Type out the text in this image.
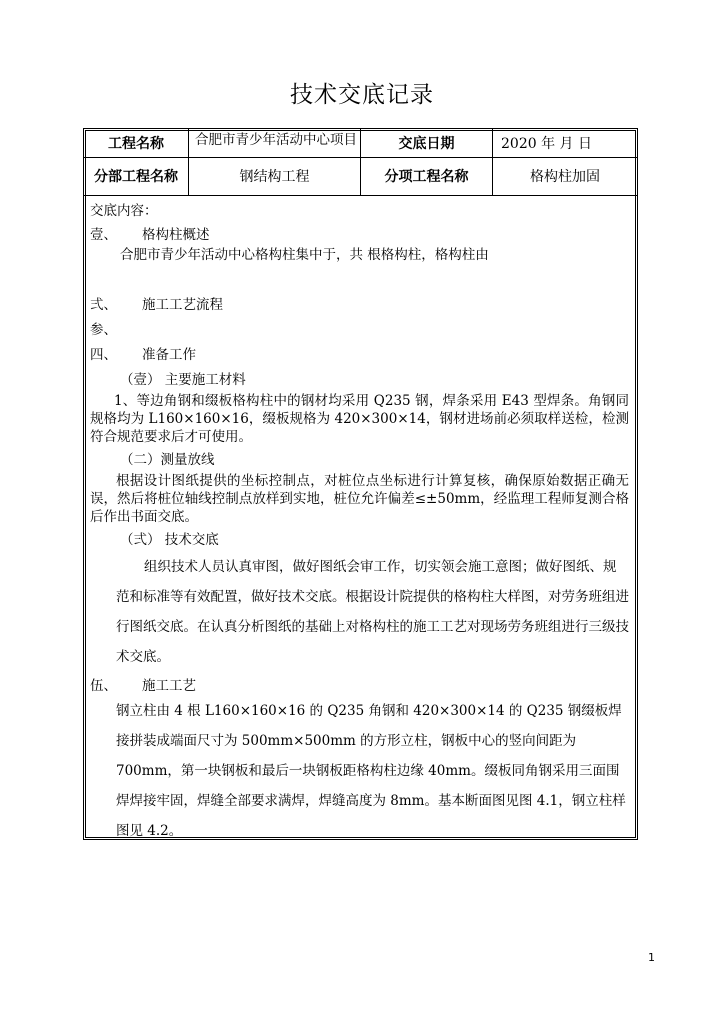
技术交底记录
工程名称	合肥市青少年活动中心项目	交底日期	2020 年 月 日
分部工程名称	钢结构工程	分项工程名称	格构柱加固
交底内容：
壹、 格构柱概述
合肥市青少年活动中心格构柱集中于，共 根格构柱，格构柱由
弍、 施工工艺流程
参、
四、 准备工作
（壹） 主要施工材料
1、等边角钢和缀板格构柱中的钢材均采用 Q235 钢，焊条采用 E43 型焊条。角钢同规格均为 L160×160×16，缀板规格为 420×300×14，钢材进场前必须取样送检，检测符合规范要求后才可使用。
（二）测量放线
根据设计图纸提供的坐标控制点，对桩位点坐标进行计算复核，确保原始数据正确无误，然后将桩位轴线控制点放样到实地，桩位允许偏差≤±50mm，经监理工程师复测合格后作出书面交底。
（弍） 技术交底
组织技术人员认真审图，做好图纸会审工作，切实领会施工意图；做好图纸、规范和标准等有效配置，做好技术交底。根据设计院提供的格构柱大样图，对劳务班组进行图纸交底。在认真分析图纸的基础上对格构柱的施工工艺对现场劳务班组进行三级技术交底。
伍、 施工工艺
钢立柱由 4 根 L160×160×16 的 Q235 角钢和 420×300×14 的 Q235 钢缀板焊接拼装成端面尺寸为 500mm×500mm 的方形立柱，钢板中心的竖向间距为 700mm，第一块钢板和最后一块钢板距格构柱边缘 40mm。缀板同角钢采用三面围焊焊接牢固，焊缝全部要求满焊，焊缝高度为 8mm。基本断面图见图 4.1，钢立柱样图见 4.2。
1
